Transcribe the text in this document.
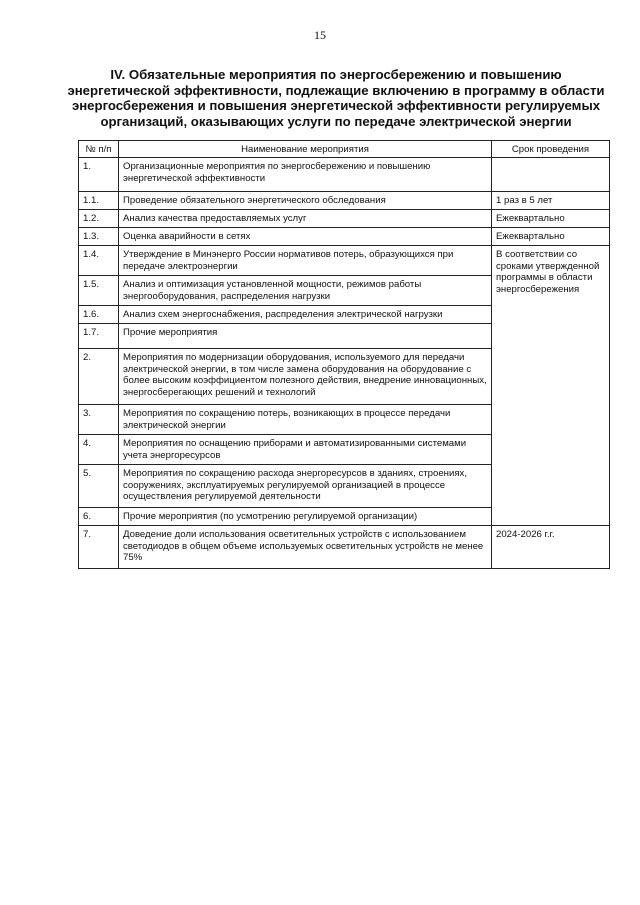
15
IV. Обязательные мероприятия по энергосбережению и повышению энергетической эффективности, подлежащие включению в программу в области энергосбережения и повышения энергетической эффективности регулируемых организаций, оказывающих услуги по передаче электрической энергии
№ п/п	Наименование мероприятия	Срок проведения
1.	Организационные мероприятия по энергосбережению и повышению энергетической эффективности	
1.1.	Проведение обязательного энергетического обследования	1 раз в 5 лет
1.2.	Анализ качества предоставляемых услуг	Ежеквартально
1.3.	Оценка аварийности в сетях	Ежеквартально
1.4.	Утверждение в Минэнерго России нормативов потерь, образующихся при передаче электроэнергии	В соответствии со сроками утвержденной программы в области энергосбережения
1.5.	Анализ и оптимизация установленной мощности, режимов работы энергооборудования, распределения нагрузки	
1.6.	Анализ схем энергоснабжения, распределения электрической нагрузки	
1.7.	Прочие мероприятия	
2.	Мероприятия по модернизации оборудования, используемого для передачи электрической энергии, в том числе замена оборудования на оборудование с более высоким коэффициентом полезного действия, внедрение инновационных, энергосберегающих решений и технологий	
3.	Мероприятия по сокращению потерь, возникающих в процессе передачи электрической энергии	
4.	Мероприятия по оснащению приборами и автоматизированными системами учета энергоресурсов	
5.	Мероприятия по сокращению расхода энергоресурсов в зданиях, строениях, сооружениях, эксплуатируемых регулируемой организацией в процессе осуществления регулируемой деятельности	
6.	Прочие мероприятия (по усмотрению регулируемой организации)	
7.	Доведение доли использования осветительных устройств с использованием светодиодов в общем объеме используемых осветительных устройств не менее 75%	2024-2026 г.г.
